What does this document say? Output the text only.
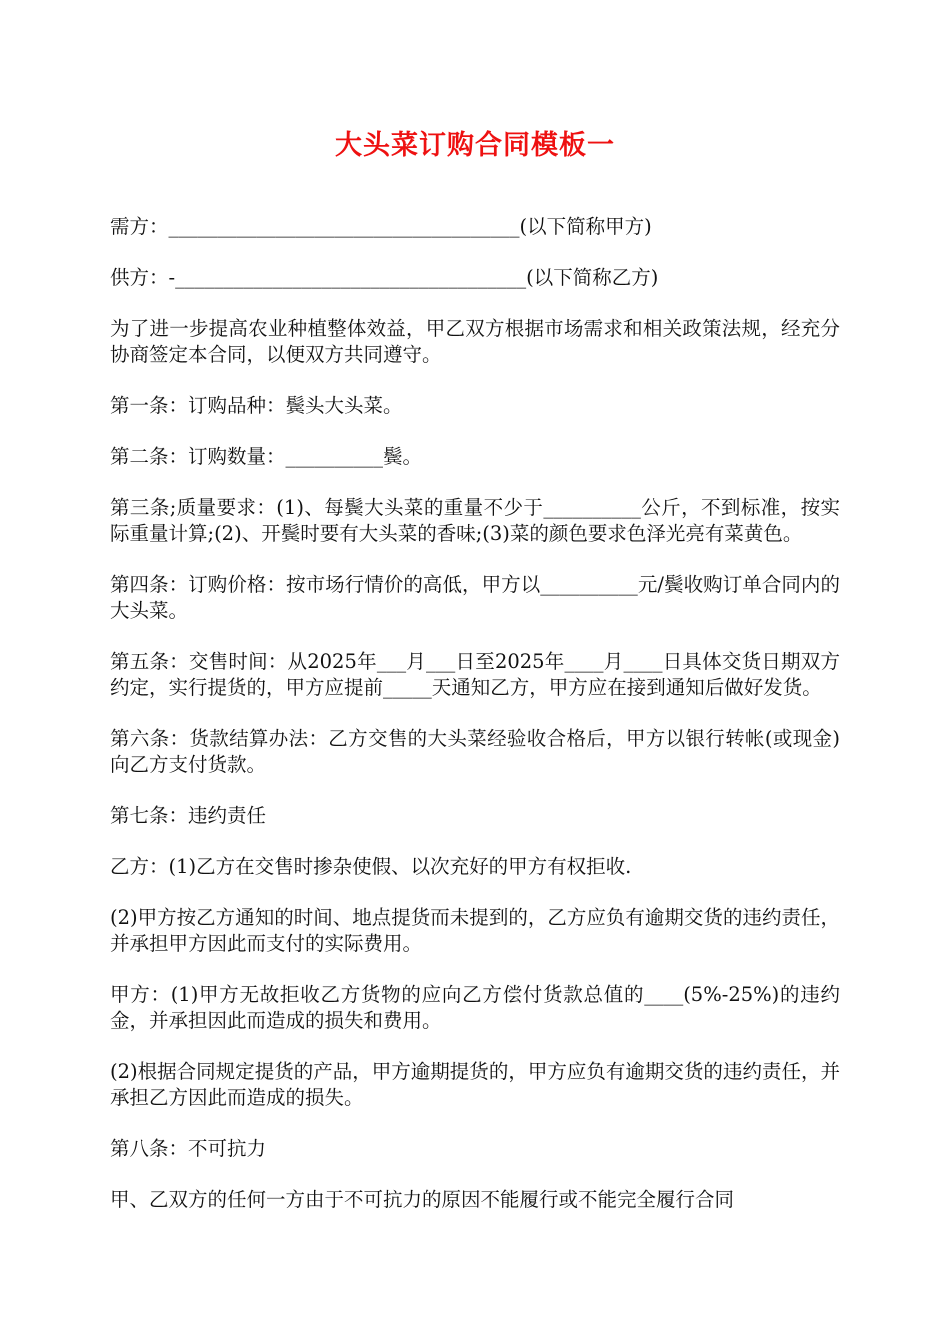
大头菜订购合同模板一

需方：____________________________________(以下简称甲方)

供方：-____________________________________(以下简称乙方)

为了进一步提高农业种植整体效益，甲乙双方根据市场需求和相关政策法规，经充分协商签定本合同，以便双方共同遵守。

第一条：订购品种：鬓头大头菜。

第二条：订购数量：__________鬓。

第三条;质量要求：(1)、每鬓大头菜的重量不少于__________公斤，不到标准，按实际重量计算;(2)、开鬓时要有大头菜的香味;(3)菜的颜色要求色泽光亮有菜黄色。

第四条：订购价格：按市场行情价的高低，甲方以__________元/鬓收购订单合同内的大头菜。

第五条：交售时间：从2025年___月___日至2025年____月____日具体交货日期双方约定，实行提货的，甲方应提前_____天通知乙方，甲方应在接到通知后做好发货。

第六条：货款结算办法：乙方交售的大头菜经验收合格后，甲方以银行转帐(或现金)向乙方支付货款。

第七条：违约责任

乙方：(1)乙方在交售时掺杂使假、以次充好的甲方有权拒收.

(2)甲方按乙方通知的时间、地点提货而未提到的，乙方应负有逾期交货的违约责任，并承担甲方因此而支付的实际费用。

甲方：(1)甲方无故拒收乙方货物的应向乙方偿付货款总值的____(5%-25%)的违约金，并承担因此而造成的损失和费用。

(2)根据合同规定提货的产品，甲方逾期提货的，甲方应负有逾期交货的违约责任，并承担乙方因此而造成的损失。

第八条：不可抗力

甲、乙双方的任何一方由于不可抗力的原因不能履行或不能完全履行合同
